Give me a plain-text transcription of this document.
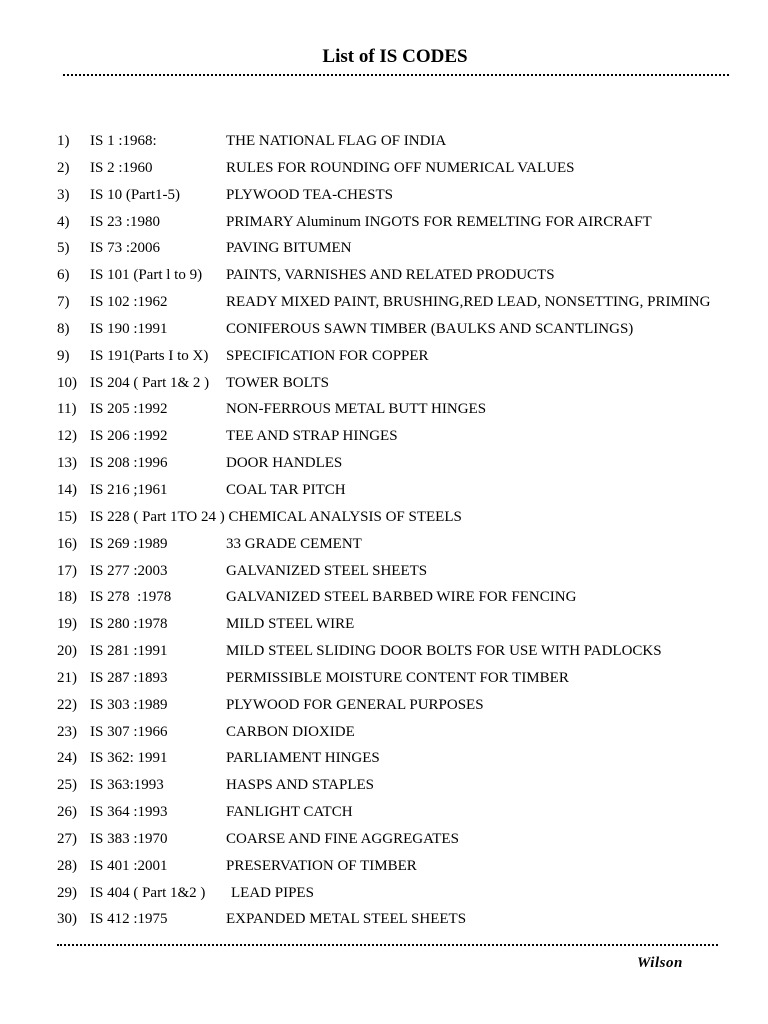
List of IS CODES
1) IS 1 :1968:	THE NATIONAL FLAG OF INDIA
2) IS 2 :1960	RULES FOR ROUNDING OFF NUMERICAL VALUES
3) IS 10 (Part1-5)	PLYWOOD TEA-CHESTS
4) IS 23 :1980	PRIMARY Aluminum INGOTS FOR REMELTING FOR AIRCRAFT
5) IS 73 :2006	PAVING BITUMEN
6) IS 101 (Part l to 9) PAINTS, VARNISHES AND RELATED PRODUCTS
7) IS 102 :1962	READY MIXED PAINT, BRUSHING,RED LEAD, NONSETTING, PRIMING
8) IS 190 :1991	CONIFEROUS SAWN TIMBER (BAULKS AND SCANTLINGS)
9) IS 191(Parts I to X) SPECIFICATION FOR COPPER
10) IS 204 ( Part 1& 2 ) TOWER BOLTS
11) IS 205 :1992	NON-FERROUS METAL BUTT HINGES
12) IS 206 :1992	TEE AND STRAP HINGES
13) IS 208 :1996	DOOR HANDLES
14) IS 216 ;1961	COAL TAR PITCH
15) IS 228 ( Part 1TO 24 ) CHEMICAL ANALYSIS OF STEELS
16) IS 269 :1989	33 GRADE CEMENT
17) IS 277 :2003	GALVANIZED STEEL SHEETS
18) IS 278  :1978	GALVANIZED STEEL BARBED WIRE FOR FENCING
19) IS 280 :1978	MILD STEEL WIRE
20) IS 281 :1991	MILD STEEL SLIDING DOOR BOLTS FOR USE WITH PADLOCKS
21) IS 287 :1893	PERMISSIBLE MOISTURE CONTENT FOR TIMBER
22) IS 303 :1989	PLYWOOD FOR GENERAL PURPOSES
23) IS 307 :1966	CARBON DIOXIDE
24) IS 362: 1991	PARLIAMENT HINGES
25) IS 363:1993	HASPS AND STAPLES
26) IS 364 :1993	FANLIGHT CATCH
27) IS 383 :1970	COARSE AND FINE AGGREGATES
28) IS 401 :2001	PRESERVATION OF TIMBER
29) IS 404 ( Part 1&2 ) LEAD PIPES
30) IS 412 :1975	EXPANDED METAL STEEL SHEETS
Wilson
